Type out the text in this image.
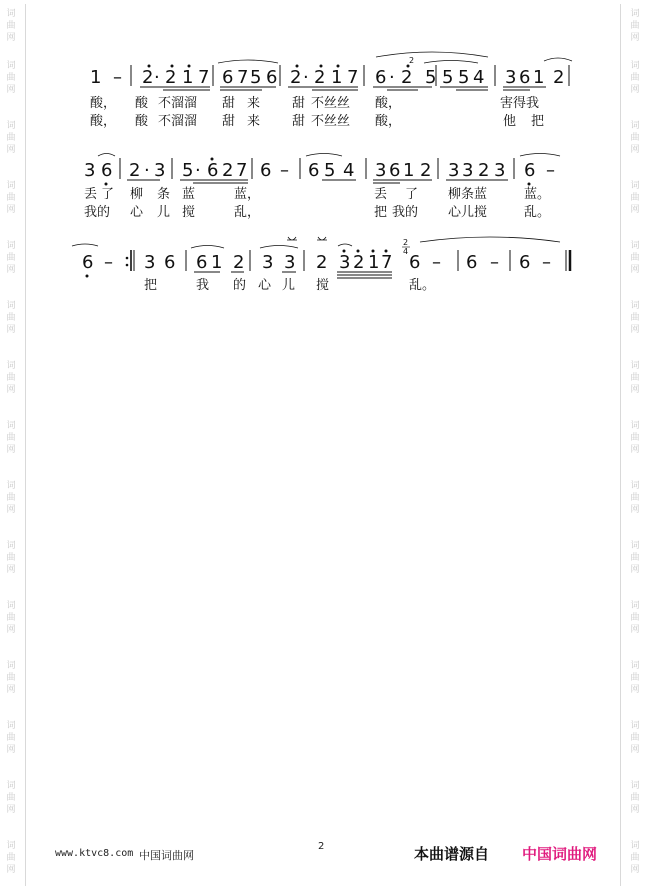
词
曲
网
词
曲
网
词
曲
网
词
曲
网
词
曲
网
词
曲
网
词
曲
网
词
曲
网
词
曲
网
词
曲
网
词
曲
网
词
曲
网
词
曲
网
词
曲
网
词
曲
网
词
曲
网
词
曲
网
词
曲
网
词
曲
网
词
曲
网
词
曲
网
词
曲
网
词
曲
网
词
曲
网
词
曲
网
词
曲
网
词
曲
网
词
曲
网
词
曲
网
词
曲
网
1 – 2 · 2 1 7 6 7 5 6 2 · 2 1 7 6 · 2 5 5 5 4 3 6 1 2
2
酸， 酸 不溜溜 甜 来 甜 不丝丝 酸，	害得我
酸， 酸 不溜溜 甜 来 甜 不丝丝 酸，	他 把
3 6 2 · 3 5 · 6 2 7 6 – 6 5 4 3 6 1 2 3 3 2 3 6 –
丢 了 柳 条 蓝	蓝，	丢 了 柳条蓝	蓝。
我的 心 儿 搅	乱，	把 我的 心儿搅	乱。
6 – 3 6 6 1 2 3 3 2 3 2 1 7 6 – 6 – 6 –
2
4
把	我 的 心 儿 搅	乱。
www.ktvc8.com 中国词曲网
2	本曲谱源自 中国词曲网
